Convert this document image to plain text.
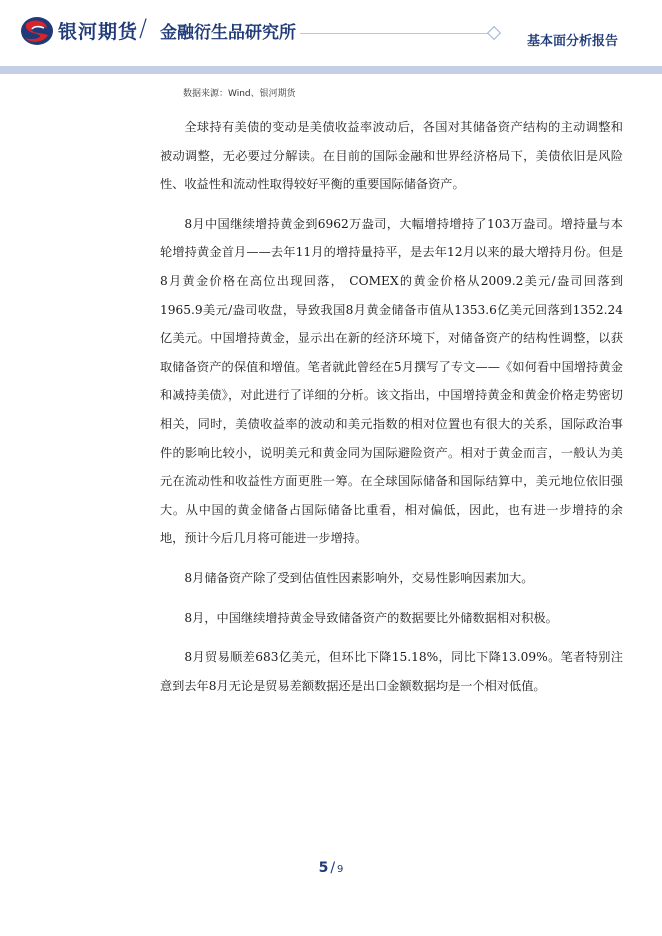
银河期货 / 金融衍生品研究所	基本面分析报告
数据来源：Wind、银河期货

全球持有美债的变动是美债收益率波动后，各国对其储备资产结构的主动调整和被动调整，无必要过分解读。在目前的国际金融和世界经济格局下，美债依旧是风险性、收益性和流动性取得较好平衡的重要国际储备资产。

8月中国继续增持黄金到6962万盎司，大幅增持增持了103万盎司。增持量与本轮增持黄金首月——去年11月的增持量持平，是去年12月以来的最大增持月份。但是8月黄金价格在高位出现回落， COMEX的黄金价格从2009.2美元/盎司回落到1965.9美元/盎司收盘，导致我国8月黄金储备市值从1353.6亿美元回落到1352.24亿美元。中国增持黄金，显示出在新的经济环境下，对储备资产的结构性调整，以获取储备资产的保值和增值。笔者就此曾经在5月撰写了专文——《如何看中国增持黄金和减持美债》，对此进行了详细的分析。该文指出，中国增持黄金和黄金价格走势密切相关，同时，美债收益率的波动和美元指数的相对位置也有很大的关系，国际政治事件的影响比较小，说明美元和黄金同为国际避险资产。相对于黄金而言，一般认为美元在流动性和收益性方面更胜一筹。在全球国际储备和国际结算中，美元地位依旧强大。从中国的黄金储备占国际储备比重看，相对偏低，因此，也有进一步增持的余地，预计今后几月将可能进一步增持。

8月储备资产除了受到估值性因素影响外，交易性影响因素加大。

8月，中国继续增持黄金导致储备资产的数据要比外储数据相对积极。

8月贸易顺差683亿美元，但环比下降15.18%，同比下降13.09%。笔者特别注意到去年8月无论是贸易差额数据还是出口金额数据均是一个相对低值。

5 / 9
